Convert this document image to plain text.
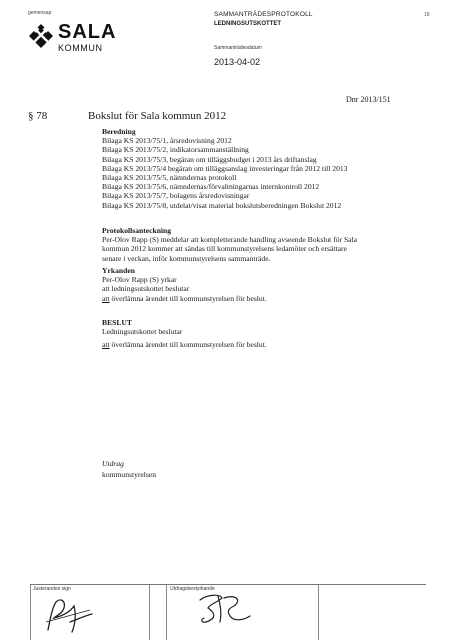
gemensap
SALA
KOMMUN
SAMMANTRÄDESPROTOKOLL
LEDNINGSUTSKOTTET
Sammanträdesdatum
2013-04-02
18
Dnr 2013/151
§ 78	Bokslut för Sala kommun 2012
Beredning
Bilaga KS 2013/75/1, årsredovisning 2012
Bilaga KS 2013/75/2, indikatorsammanställning
Bilaga KS 2013/75/3, begäran om tilläggsbudget i 2013 års driftanslag
Bilaga KS 2013/75/4 begäran om tilläggsanslag investeringar från 2012 till 2013
Bilaga KS 2013/75/5, nämndernas protokoll
Bilaga KS 2013/75/6, nämndernas/förvaltningarnas internkontroll 2012
Bilaga KS 2013/75/7, bolagens årsredovisningar
Bilaga KS 2013/75/8, utdelat/visat material bokslutsberedningen Bokslut 2012
Protokollsanteckning
Per-Olov Rapp (S) meddelar att kompletterande handling avseende Bokslut för Sala
kommun 2012 kommer att sändas till kommunstyrelsens ledamöter och ersättare
senare i veckan, inför kommunstyrelsens sammanträde.
Yrkanden
Per-Olov Rapp (S) yrkar
att ledningsutskottet beslutar
att överlämna ärendet till kommunstyrelsen för beslut.
BESLUT
Ledningsutskottet beslutar
att överlämna ärendet till kommunstyrelsen för beslut.
Utdrag
kommunstyrelsen
Justerandes sign	Utdragsbestyrkande
